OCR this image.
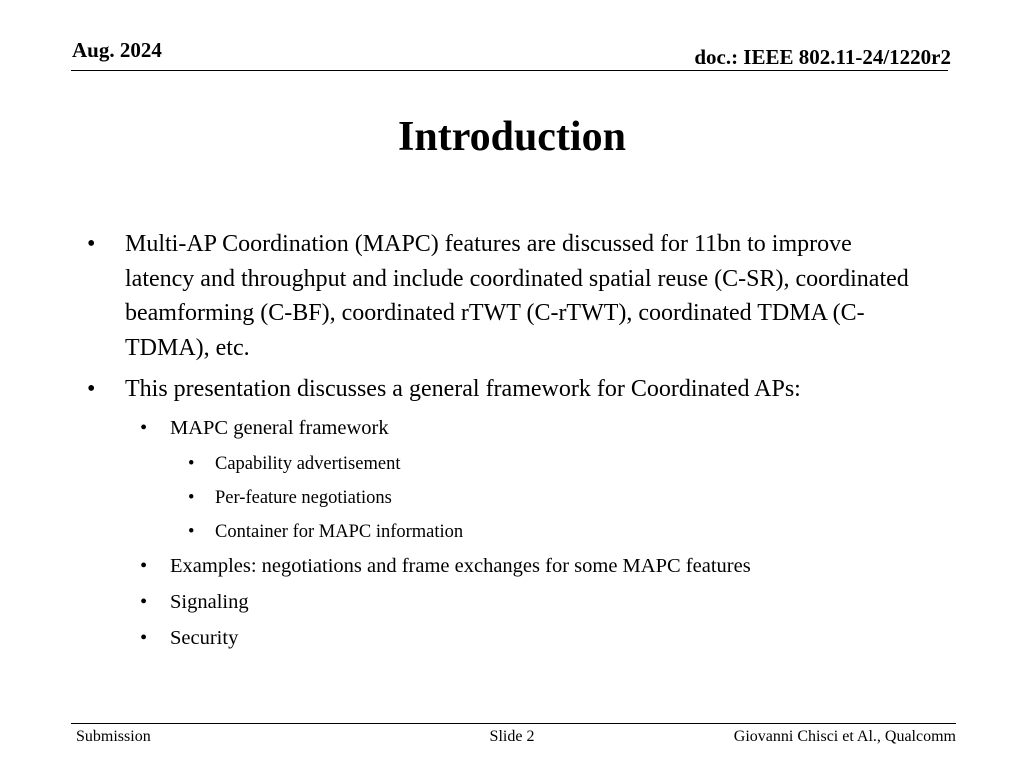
Aug. 2024	doc.: IEEE 802.11-24/1220r2
Introduction
• Multi-AP Coordination (MAPC) features are discussed for 11bn to improve latency and throughput and include coordinated spatial reuse (C-SR), coordinated beamforming (C-BF), coordinated rTWT (C-rTWT), coordinated TDMA (C-TDMA), etc.
• This presentation discusses a general framework for Coordinated APs:
• MAPC general framework
• Capability advertisement
• Per-feature negotiations
• Container for MAPC information
• Examples: negotiations and frame exchanges for some MAPC features
• Signaling
• Security
Submission	Slide 2	Giovanni Chisci et Al., Qualcomm
